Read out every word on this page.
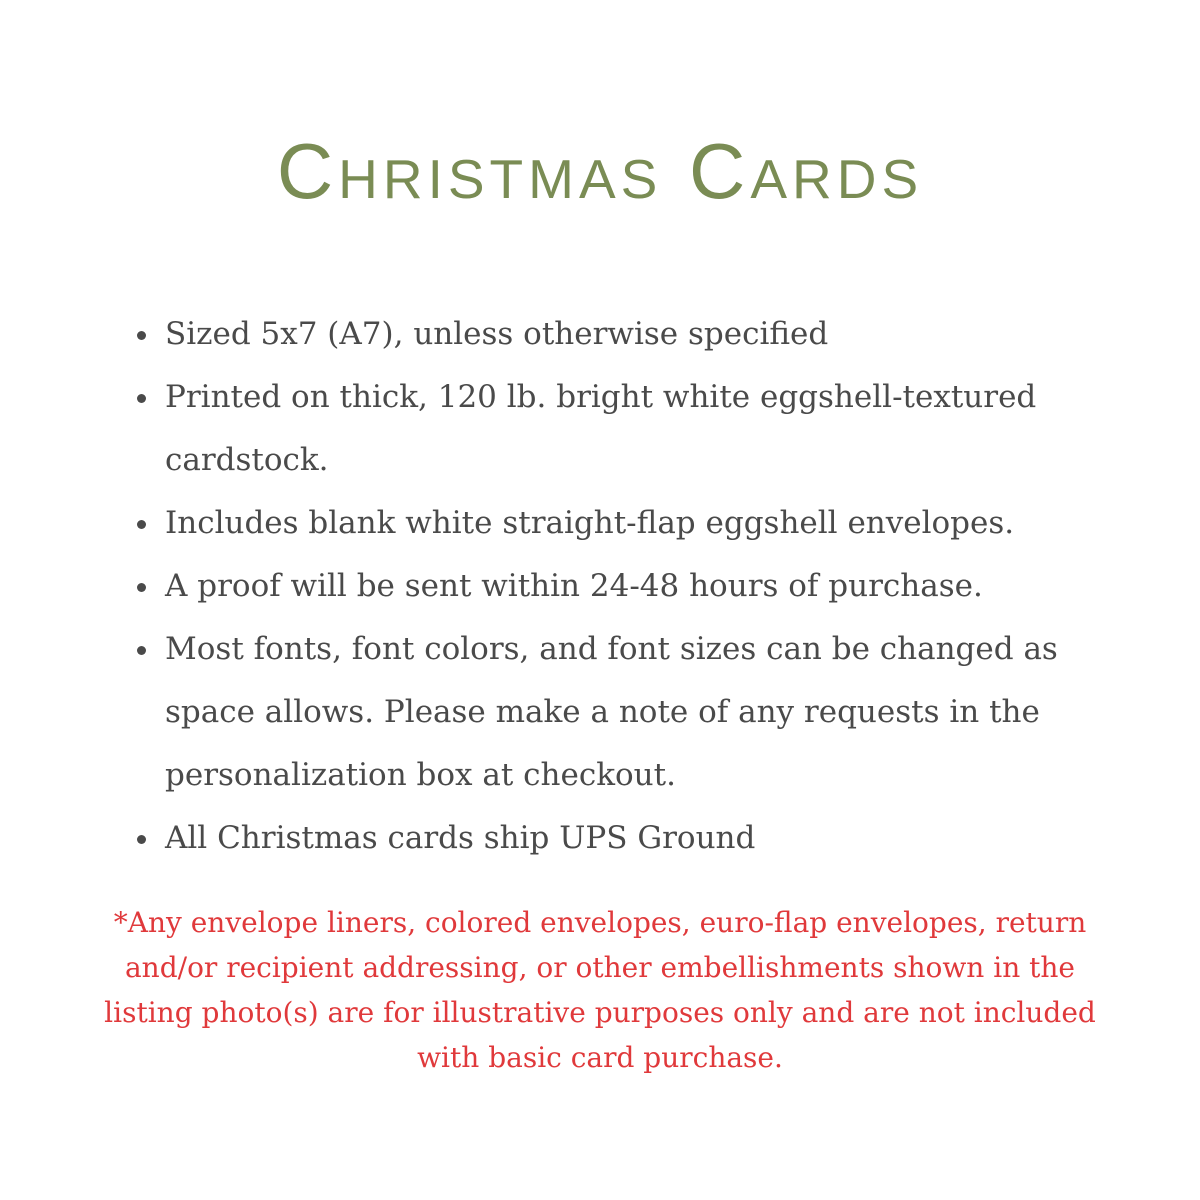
Christmas Cards
Sized 5x7 (A7), unless otherwise specified
Printed on thick, 120 lb. bright white eggshell-textured cardstock.
Includes blank white straight-flap eggshell envelopes.
A proof will be sent within 24-48 hours of purchase.
Most fonts, font colors, and font sizes can be changed as space allows. Please make a note of any requests in the personalization box at checkout.
All Christmas cards ship UPS Ground
*Any envelope liners, colored envelopes, euro-flap envelopes, return and/or recipient addressing, or other embellishments shown in the listing photo(s) are for illustrative purposes only and are not included with basic card purchase.
